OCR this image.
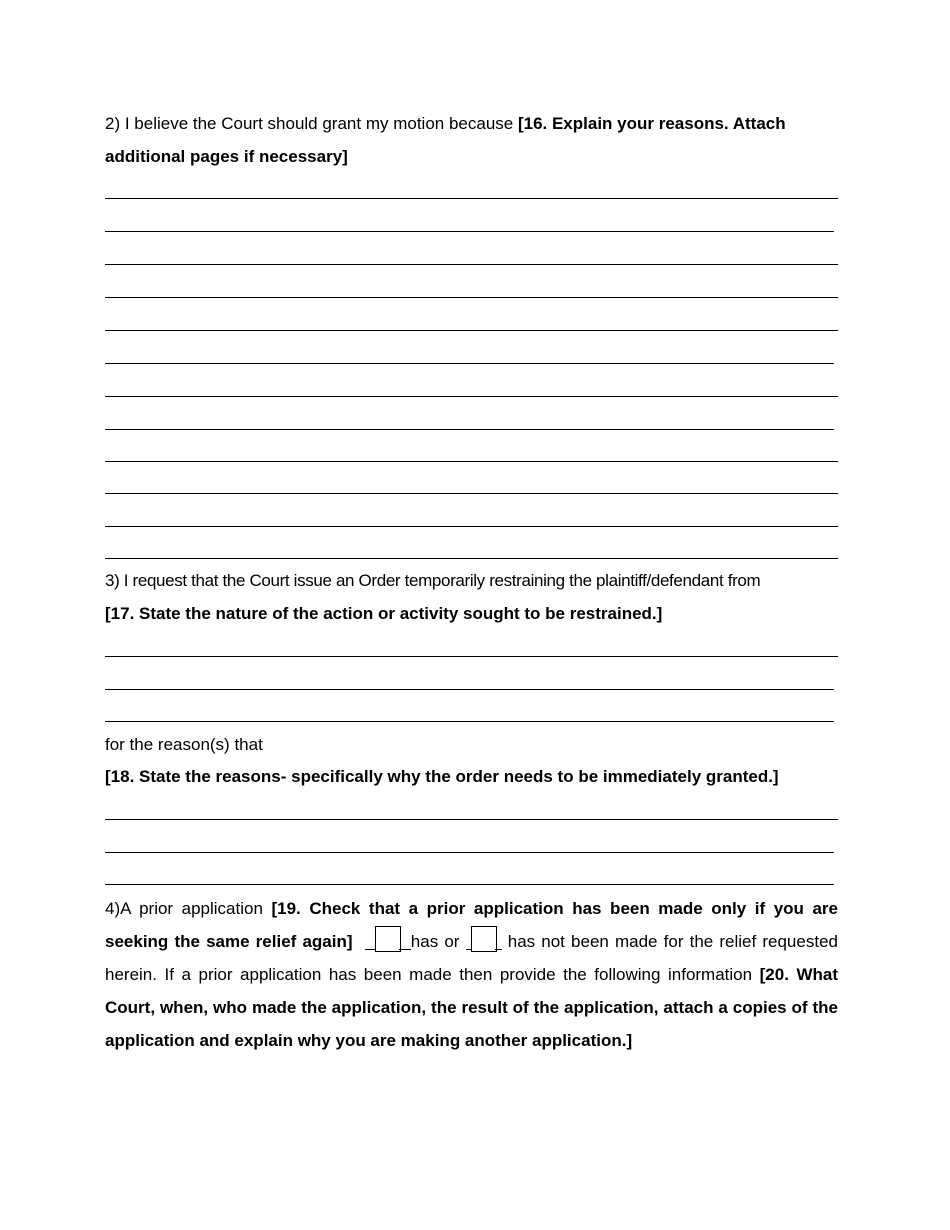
2) I believe the Court should grant my motion because [16. Explain your reasons. Attach additional pages if necessary]

3) I request that the Court issue an Order temporarily restraining the plaintiff/defendant from

[17. State the nature of the action or activity sought to be restrained.]

for the reason(s) that

[18. State the reasons- specifically why the order needs to be immediately granted.]

4)A prior application [19. Check that a prior application has been made only if you are seeking the same relief again]	has or	has not been made for the relief requested herein. If a prior application has been made then provide the following information [20. What Court, when, who made the application, the result of the application, attach a copies of the application and explain why you are making another application.]
